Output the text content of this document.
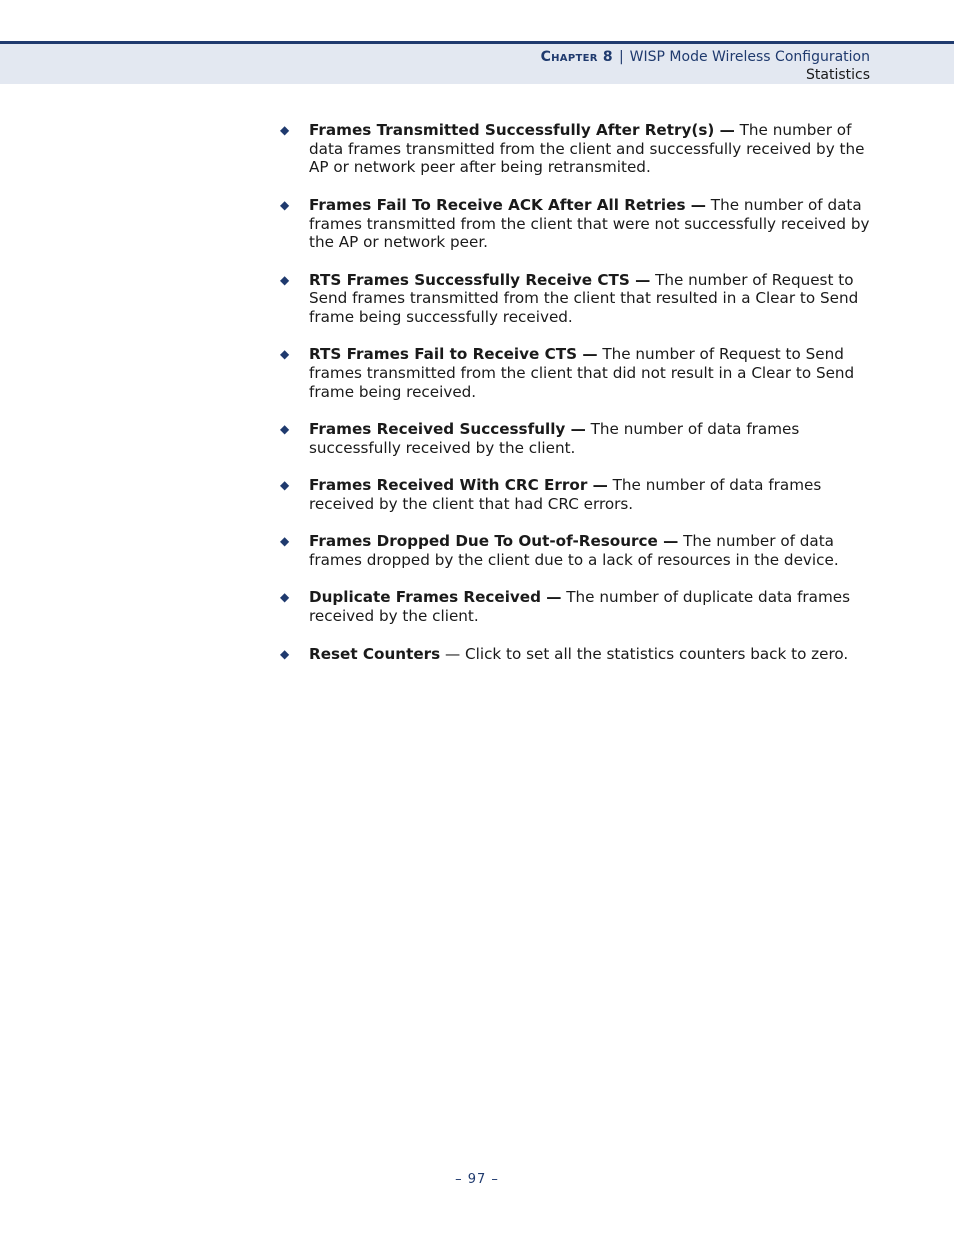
Chapter 8 | WISP Mode Wireless Configuration
Statistics
◆ Frames Transmitted Successfully After Retry(s) — The number of data frames transmitted from the client and successfully received by the AP or network peer after being retransmited.
◆ Frames Fail To Receive ACK After All Retries — The number of data frames transmitted from the client that were not successfully received by the AP or network peer.
◆ RTS Frames Successfully Receive CTS — The number of Request to Send frames transmitted from the client that resulted in a Clear to Send frame being successfully received.
◆ RTS Frames Fail to Receive CTS — The number of Request to Send frames transmitted from the client that did not result in a Clear to Send frame being received.
◆ Frames Received Successfully — The number of data frames successfully received by the client.
◆ Frames Received With CRC Error — The number of data frames received by the client that had CRC errors.
◆ Frames Dropped Due To Out-of-Resource — The number of data frames dropped by the client due to a lack of resources in the device.
◆ Duplicate Frames Received — The number of duplicate data frames received by the client.
◆ Reset Counters — Click to set all the statistics counters back to zero.
– 97 –
